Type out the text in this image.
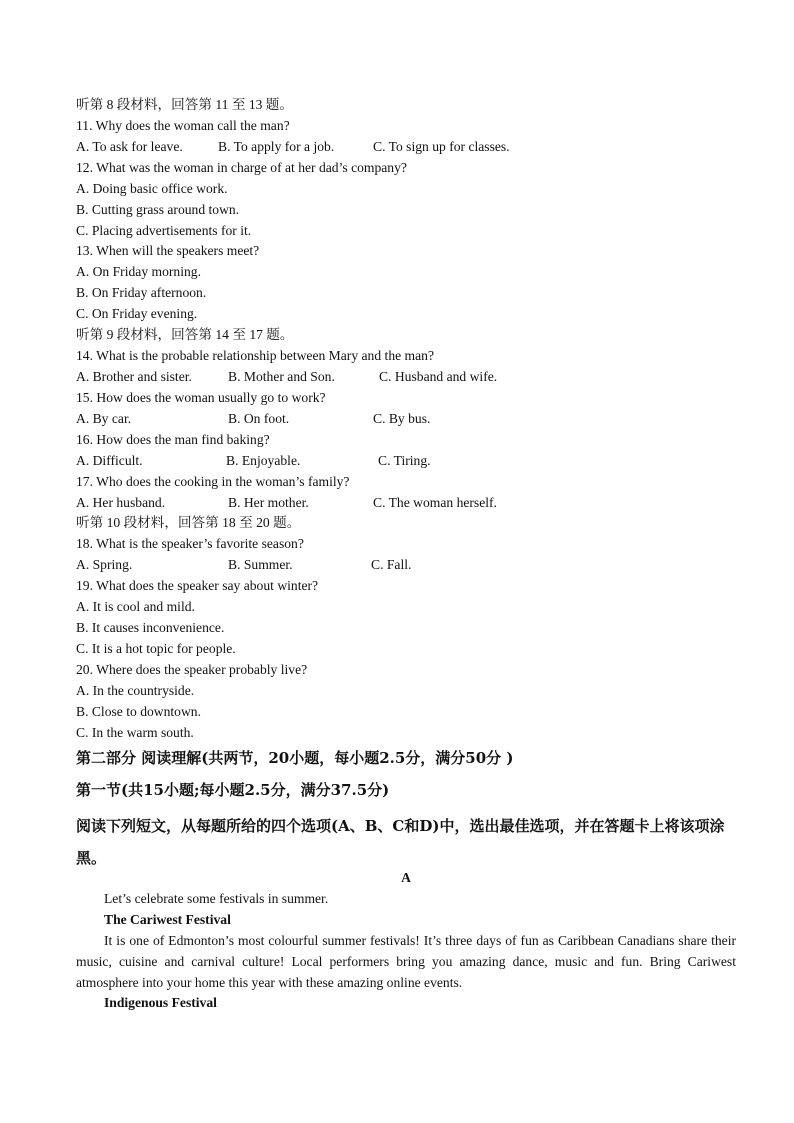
听第 8 段材料，回答第 11 至 13 题。
11. Why does the woman call the man?
A. To ask for leave.	B. To apply for a job.	C. To sign up for classes.
12. What was the woman in charge of at her dad’s company?
A. Doing basic office work.
B. Cutting grass around town.
C. Placing advertisements for it.
13. When will the speakers meet?
A. On Friday morning.
B. On Friday afternoon.
C. On Friday evening.
听第 9 段材料，回答第 14 至 17 题。
14. What is the probable relationship between Mary and the man?
A. Brother and sister.	B. Mother and Son.	C. Husband and wife.
15. How does the woman usually go to work?
A. By car.	B. On foot.	C. By bus.
16. How does the man find baking?
A. Difficult.	B. Enjoyable.	C. Tiring.
17. Who does the cooking in the woman’s family?
A. Her husband.	B. Her mother.	C. The woman herself.
听第 10 段材料，回答第 18 至 20 题。
18. What is the speaker’s favorite season?
A. Spring.	B. Summer.	C. Fall.
19. What does the speaker say about winter?
A. It is cool and mild.
B. It causes inconvenience.
C. It is a hot topic for people.
20. Where does the speaker probably live?
A. In the countryside.
B. Close to downtown.
C. In the warm south.
第二部分 阅读理解(共两节，20小题，每小题2.5分，满分50分 )
第一节(共15小题;每小题2.5分，满分37.5分)
阅读下列短文，从每题所给的四个选项(A、B、C和D)中，选出最佳选项，并在答题卡上将该项涂黑。
A
Let’s celebrate some festivals in summer.
The Cariwest Festival
It is one of Edmonton’s most colourful summer festivals! It’s three days of fun as Caribbean Canadians share their music, cuisine and carnival culture! Local performers bring you amazing dance, music and fun. Bring Cariwest atmosphere into your home this year with these amazing online events.
Indigenous Festival
